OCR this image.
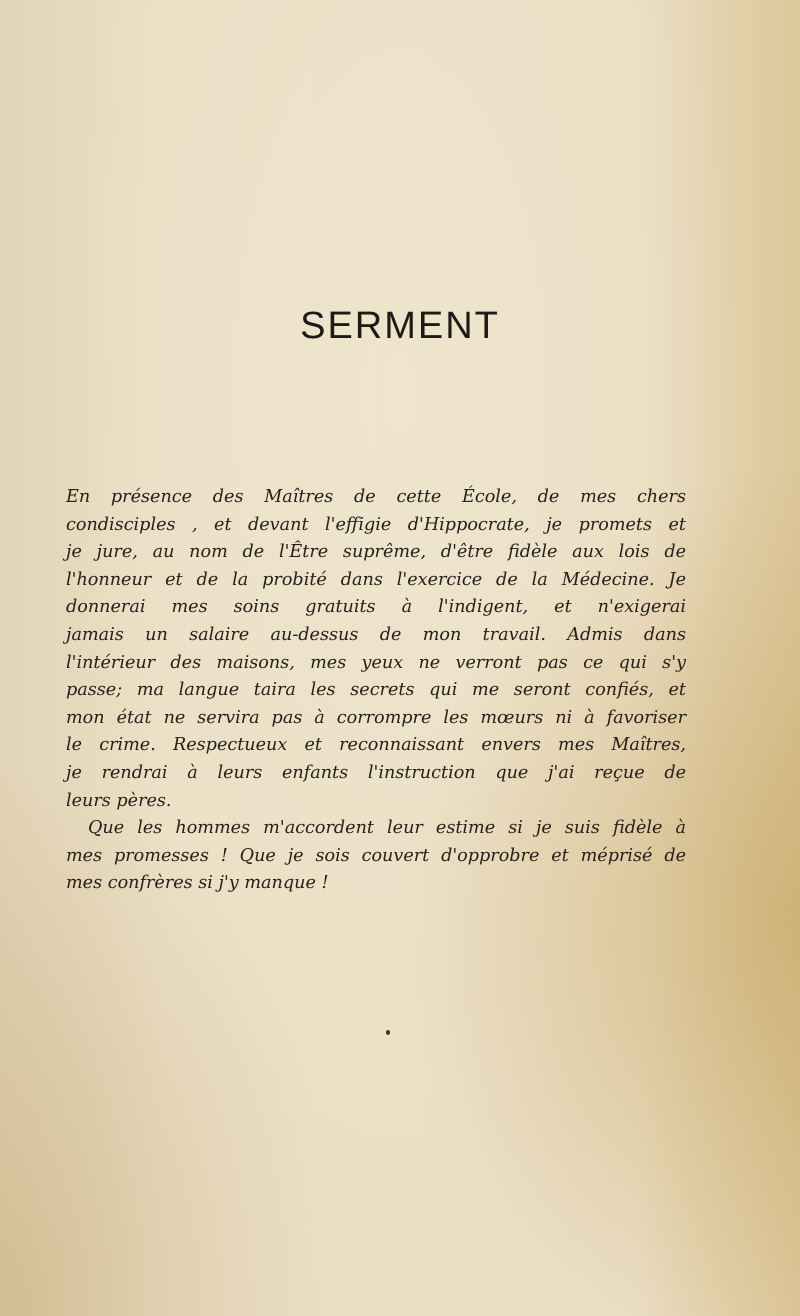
SERMENT

En présence des Maîtres de cette École, de mes chers
condisciples , et devant l'effigie d'Hippocrate, je promets et
je jure, au nom de l'Être suprême, d'être fidèle aux lois de
l'honneur et de la probité dans l'exercice de la Médecine. Je
donnerai mes soins gratuits à l'indigent, et n'exigerai
jamais un salaire au-dessus de mon travail. Admis dans
l'intérieur des maisons, mes yeux ne verront pas ce qui s'y
passe; ma langue taira les secrets qui me seront confiés, et
mon état ne servira pas à corrompre les mœurs ni à favoriser
le crime. Respectueux et reconnaissant envers mes Maîtres,
je rendrai à leurs enfants l'instruction que j'ai reçue de
leurs pères.

Que les hommes m'accordent leur estime si je suis fidèle à
mes promesses ! Que je sois couvert d'opprobre et méprisé de
mes confrères si j'y manque !
